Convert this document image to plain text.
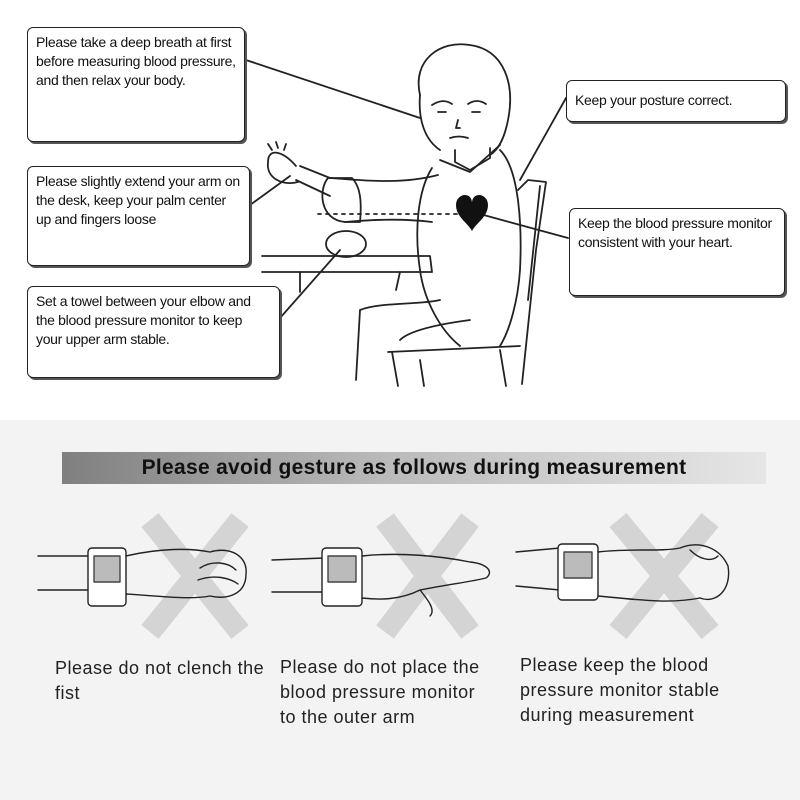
Please take a deep breath at first before measuring blood pressure, and then relax your body.
Please slightly extend your arm on the desk, keep your palm center up and fingers loose
Set a towel between your elbow and the blood pressure monitor to keep your upper arm stable.
Keep your posture correct.
Keep the blood pressure monitor consistent with your heart.
Please avoid gesture as follows during measurement
Please do not clench the fist
Please do not place the blood pressure monitor to the outer arm
Please keep the blood pressure monitor stable during measurement
